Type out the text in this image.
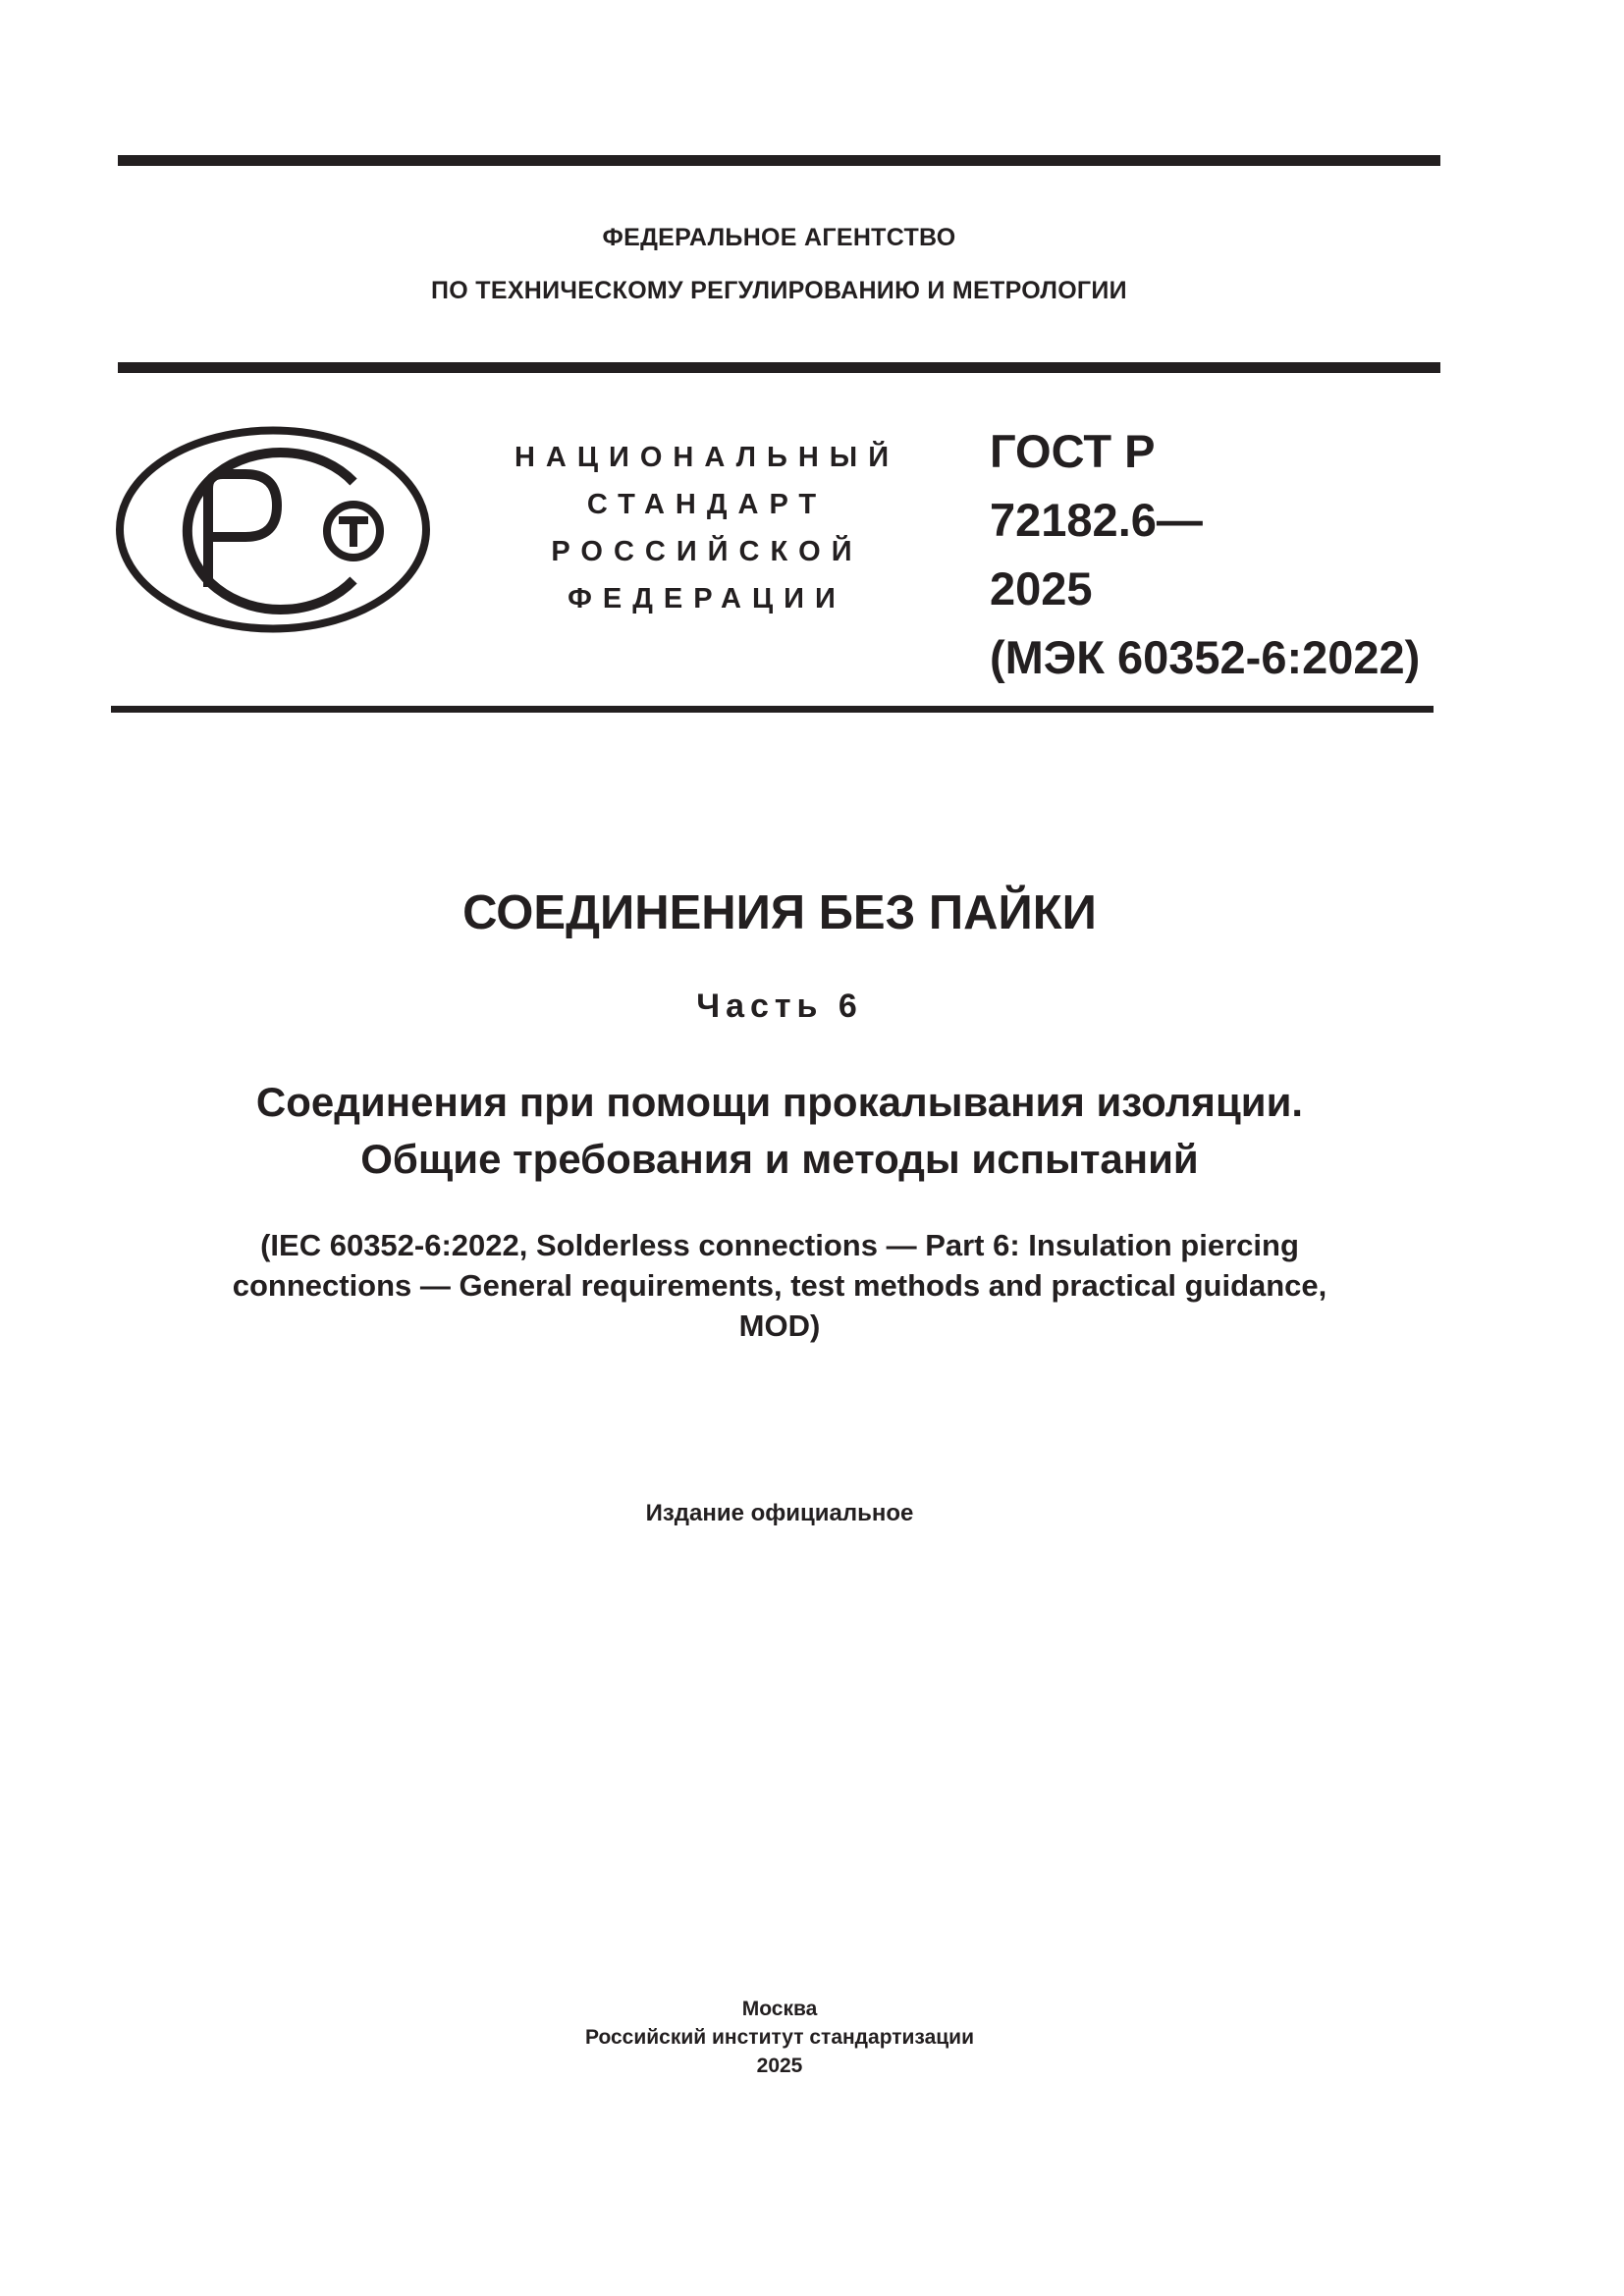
ФЕДЕРАЛЬНОЕ АГЕНТСТВО
ПО ТЕХНИЧЕСКОМУ РЕГУЛИРОВАНИЮ И МЕТРОЛОГИИ
НАЦИОНАЛЬНЫЙ
СТАНДАРТ
РОССИЙСКОЙ
ФЕДЕРАЦИИ
ГОСТ Р
72182.6—
2025
(МЭК 60352-6:2022)
СОЕДИНЕНИЯ БЕЗ ПАЙКИ
Часть 6
Соединения при помощи прокалывания изоляции.
Общие требования и методы испытаний
(IEC 60352-6:2022, Solderless connections — Part 6: Insulation piercing
connections — General requirements, test methods and practical guidance,
MOD)
Издание официальное
Москва
Российский институт стандартизации
2025
